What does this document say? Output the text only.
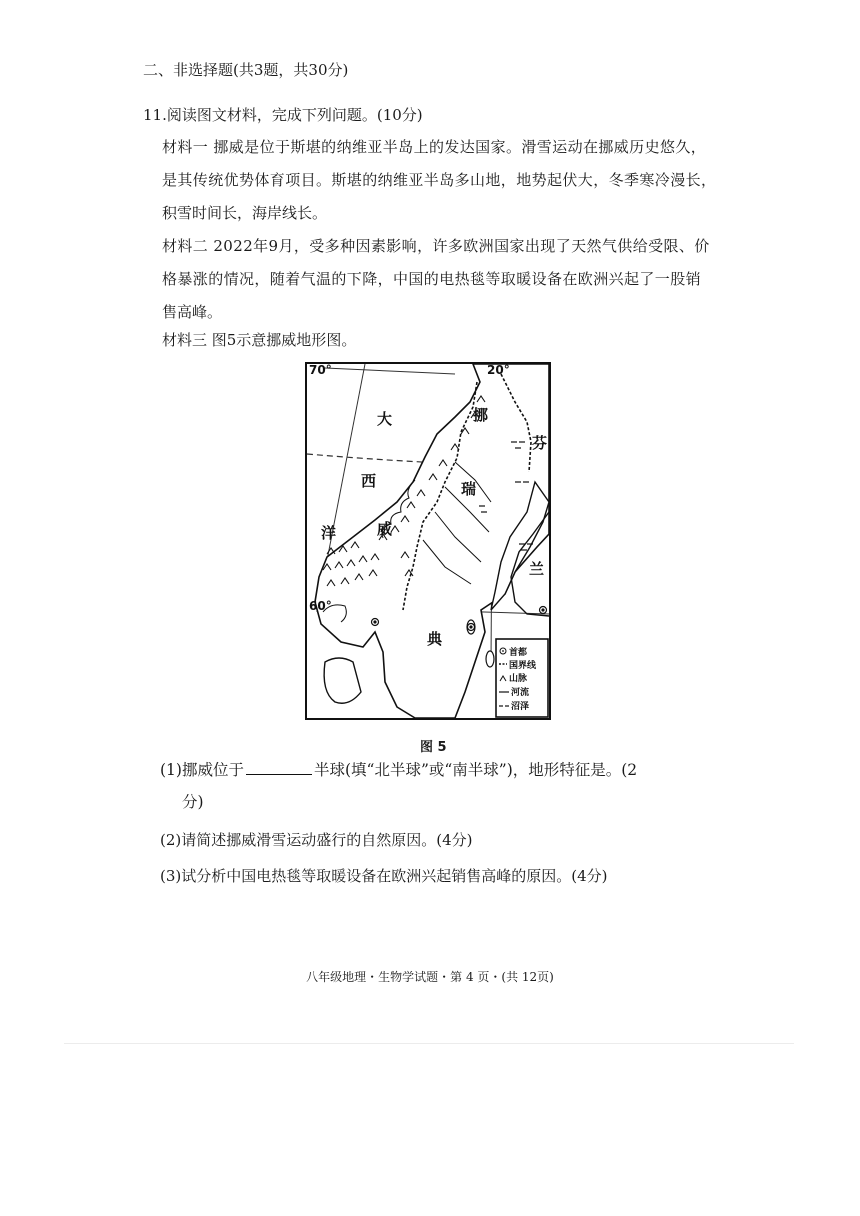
二、非选择题(共3题，共30分)
11.阅读图文材料，完成下列问题。(10分)
材料一 挪威是位于斯堪的纳维亚半岛上的发达国家。滑雪运动在挪威历史悠久，
是其传统优势体育项目。斯堪的纳维亚半岛多山地，地势起伏大，冬季寒冷漫长，
积雪时间长，海岸线长。
材料二 2022年9月，受多种因素影响，许多欧洲国家出现了天然气供给受限、价
格暴涨的情况，随着气温的下降，中国的电热毯等取暖设备在欧洲兴起了一股销
售高峰。
材料三 图5示意挪威地形图。
70°	20°
60°
大
西
洋
挪
威
瑞
典
芬
兰
首都
国界线
山脉
河流
沼泽
图 5
(1)挪威位于	半球(填“北半球”或“南半球”)，地形特征是。(2
分)
(2)请简述挪威滑雪运动盛行的自然原因。(4分)
(3)试分析中国电热毯等取暖设备在欧洲兴起销售高峰的原因。(4分)
八年级地理・生物学试题・第 4 页・(共 12页)
